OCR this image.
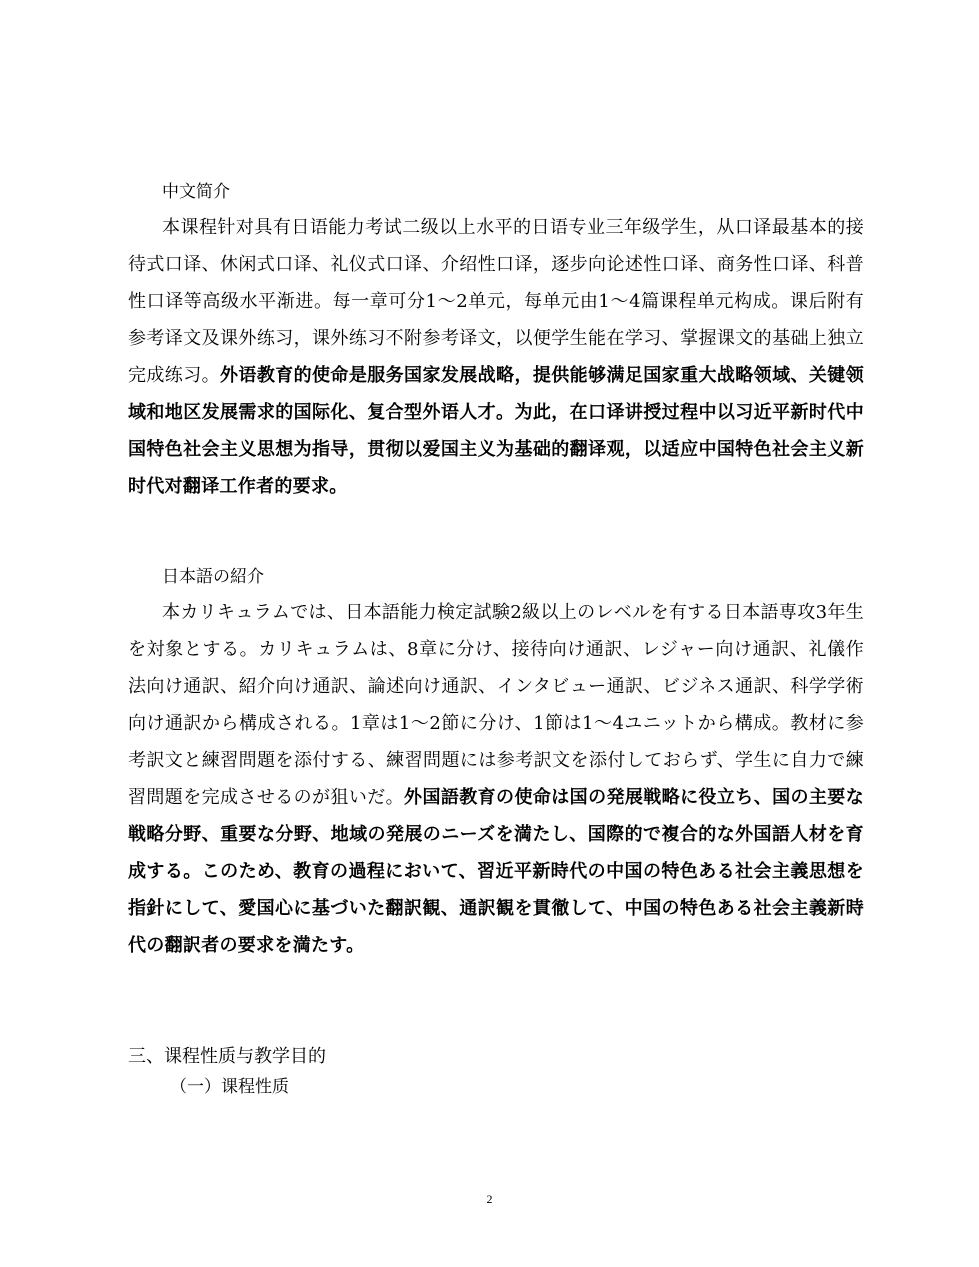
中文简介

本课程针对具有日语能力考试二级以上水平的日语专业三年级学生，从口译最基本的接待式口译、休闲式口译、礼仪式口译、介绍性口译，逐步向论述性口译、商务性口译、科普性口译等高级水平渐进。每一章可分1～2单元，每单元由1～4篇课程单元构成。课后附有参考译文及课外练习，课外练习不附参考译文，以便学生能在学习、掌握课文的基础上独立完成练习。外语教育的使命是服务国家发展战略，提供能够满足国家重大战略领域、关键领域和地区发展需求的国际化、复合型外语人才。为此，在口译讲授过程中以习近平新时代中国特色社会主义思想为指导，贯彻以爱国主义为基础的翻译观，以适应中国特色社会主义新时代对翻译工作者的要求。

日本語の紹介

本カリキュラムでは、日本語能力検定試験2級以上のレベルを有する日本語専攻3年生を対象とする。カリキュラムは、8章に分け、接待向け通訳、レジャー向け通訳、礼儀作法向け通訳、紹介向け通訳、論述向け通訳、インタビュー通訳、ビジネス通訳、科学学術向け通訳から構成される。1章は1～2節に分け、1節は1～4ユニットから構成。教材に参考訳文と練習問題を添付する、練習問題には参考訳文を添付しておらず、学生に自力で練習問題を完成させるのが狙いだ。外国語教育の使命は国の発展戦略に役立ち、国の主要な戦略分野、重要な分野、地域の発展のニーズを満たし、国際的で複合的な外国語人材を育成する。このため、教育の過程において、習近平新時代の中国の特色ある社会主義思想を指針にして、愛国心に基づいた翻訳観、通訳観を貫徹して、中国の特色ある社会主義新時代の翻訳者の要求を満たす。

三、课程性质与教学目的

（一）课程性质

2
